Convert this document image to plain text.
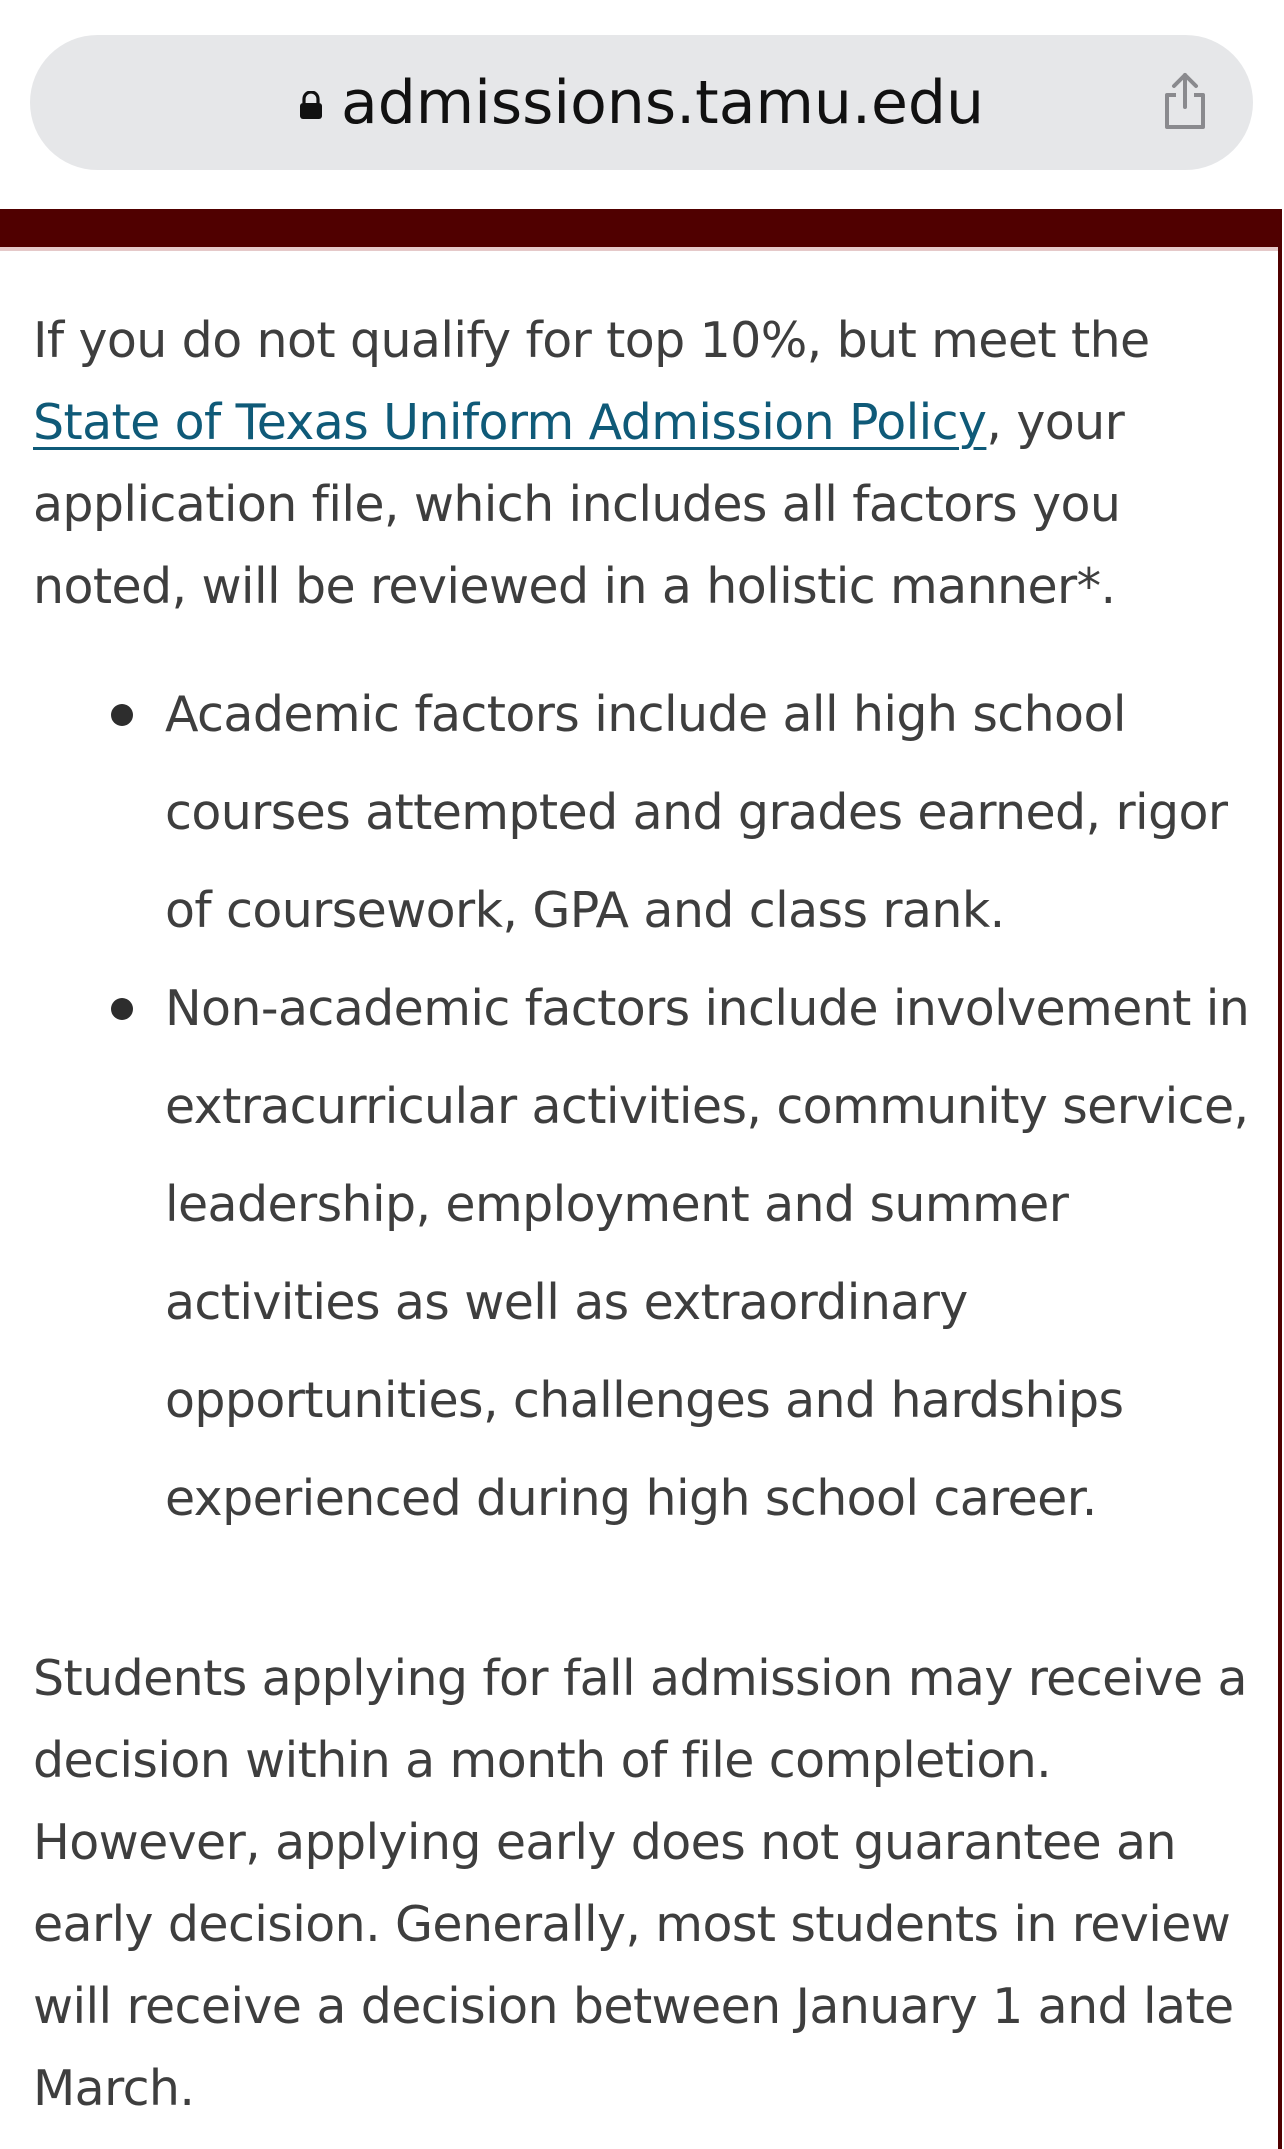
admissions.tamu.edu

If you do not qualify for top 10%, but meet the State of Texas Uniform Admission Policy, your application file, which includes all factors you noted, will be reviewed in a holistic manner*.

Academic factors include all high school courses attempted and grades earned, rigor of coursework, GPA and class rank.
Non-academic factors include involvement in extracurricular activities, community service, leadership, employment and summer activities as well as extraordinary opportunities, challenges and hardships experienced during high school career.

Students applying for fall admission may receive a decision within a month of file completion. However, applying early does not guarantee an early decision. Generally, most students in review will receive a decision between January 1 and late March.
